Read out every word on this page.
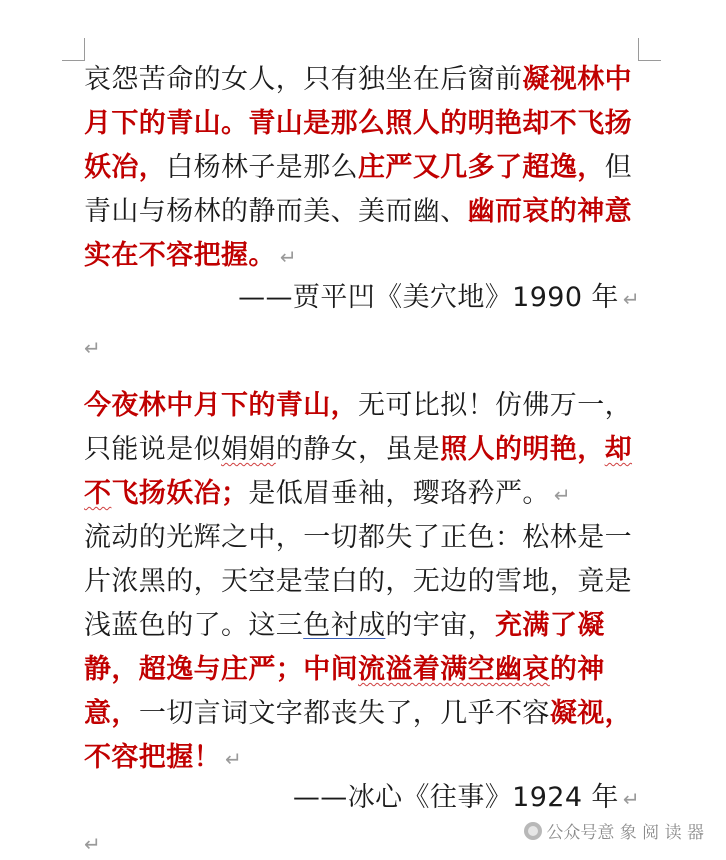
哀怨苦命的女人，只有独坐在后窗前凝视林中月下的青山。青山是那么照人的明艳却不飞扬妖冶，白杨林子是那么庄严又几多了超逸，但青山与杨林的静而美、美而幽、幽而哀的神意实在不容把握。 ↵
——贾平凹《美穴地》1990 年 ↵
↵
今夜林中月下的青山，无可比拟！仿佛万一，只能说是似娟娟的静女，虽是照人的明艳，却不飞扬妖冶；是低眉垂袖，璎珞矜严。 ↵
流动的光辉之中，一切都失了正色：松林是一片浓黑的，天空是莹白的，无边的雪地，竟是浅蓝色的了。这三色衬成的宇宙，充满了凝静，超逸与庄严；中间流溢着满空幽哀的神意，一切言词文字都丧失了，几乎不容凝视，不容把握！ ↵
——冰心《往事》1924 年 ↵
↵	公众号意 象 阅 读 器
